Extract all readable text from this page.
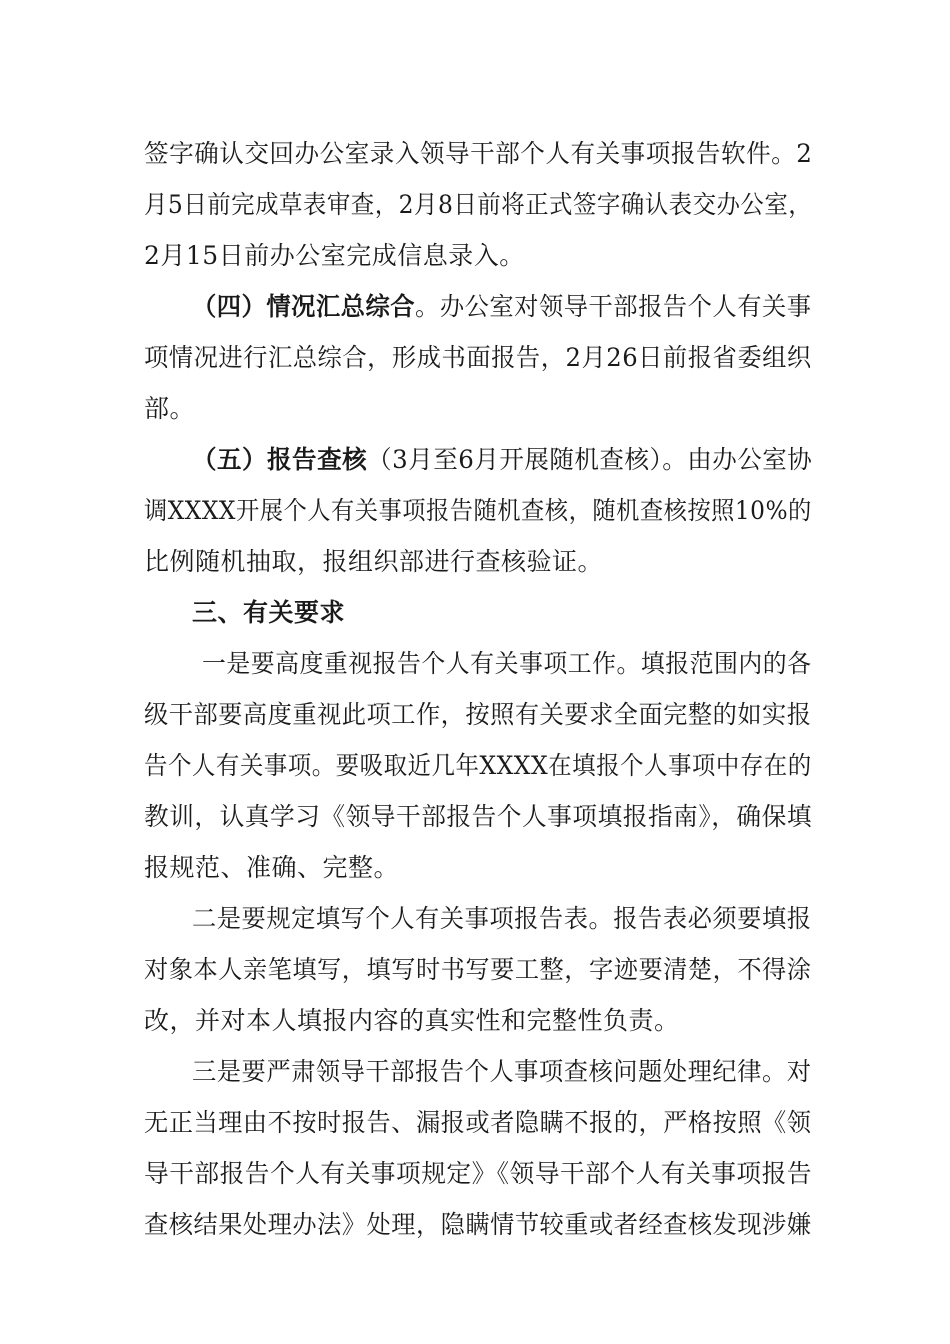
签字确认交回办公室录入领导干部个人有关事项报告软件。2
月5日前完成草表审查，2月8日前将正式签字确认表交办公室，
2月15日前办公室完成信息录入。
（四）情况汇总综合。办公室对领导干部报告个人有关事
项情况进行汇总综合，形成书面报告，2月26日前报省委组织
部。
（五）报告查核（3月至6月开展随机查核）。由办公室协
调XXXX开展个人有关事项报告随机查核，随机查核按照10%的
比例随机抽取，报组织部进行查核验证。
三、有关要求
一是要高度重视报告个人有关事项工作。填报范围内的各
级干部要高度重视此项工作，按照有关要求全面完整的如实报
告个人有关事项。要吸取近几年XXXX在填报个人事项中存在的
教训，认真学习《领导干部报告个人事项填报指南》，确保填
报规范、准确、完整。
二是要规定填写个人有关事项报告表。报告表必须要填报
对象本人亲笔填写，填写时书写要工整，字迹要清楚，不得涂
改，并对本人填报内容的真实性和完整性负责。
三是要严肃领导干部报告个人事项查核问题处理纪律。对
无正当理由不按时报告、漏报或者隐瞒不报的，严格按照《领
导干部报告个人有关事项规定》《领导干部个人有关事项报告
查核结果处理办法》处理，隐瞒情节较重或者经查核发现涉嫌
